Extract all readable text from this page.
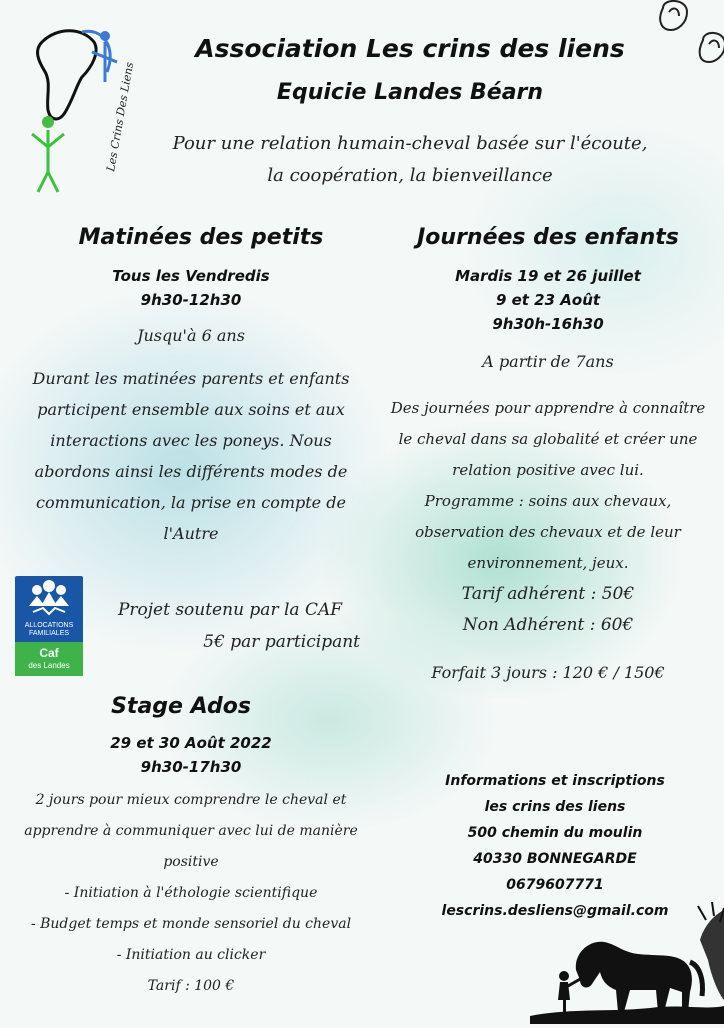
Les Crins Des Liens
Association Les crins des liens
Equicie Landes Béarn
Pour une relation humain-cheval basée sur l'écoute,
la coopération, la bienveillance
Matinées des petits
Tous les Vendredis
9h30-12h30
Jusqu'à 6 ans
Durant les matinées parents et enfants
participent ensemble aux soins et aux
interactions avec les poneys. Nous
abordons ainsi les différents modes de
communication, la prise en compte de
l'Autre
ALLOCATIONS
FAMILIALES
Caf
des Landes
Projet soutenu par la CAF
5€ par participant
Stage Ados
29 et 30 Août 2022
9h30-17h30
2 jours pour mieux comprendre le cheval et
apprendre à communiquer avec lui de manière
positive
- Initiation à l'éthologie scientifique
- Budget temps et monde sensoriel du cheval
- Initiation au clicker
Tarif : 100 €
Journées des enfants
Mardis 19 et 26 juillet
9 et 23 Août
9h30h-16h30
A partir de 7ans
Des journées pour apprendre à connaître
le cheval dans sa globalité et créer une
relation positive avec lui.
Programme : soins aux chevaux,
observation des chevaux et de leur
environnement, jeux.
Tarif adhérent : 50€
Non Adhérent : 60€
Forfait 3 jours : 120 € / 150€
Informations et inscriptions
les crins des liens
500 chemin du moulin
40330 BONNEGARDE
0679607771
lescrins.desliens@gmail.com
